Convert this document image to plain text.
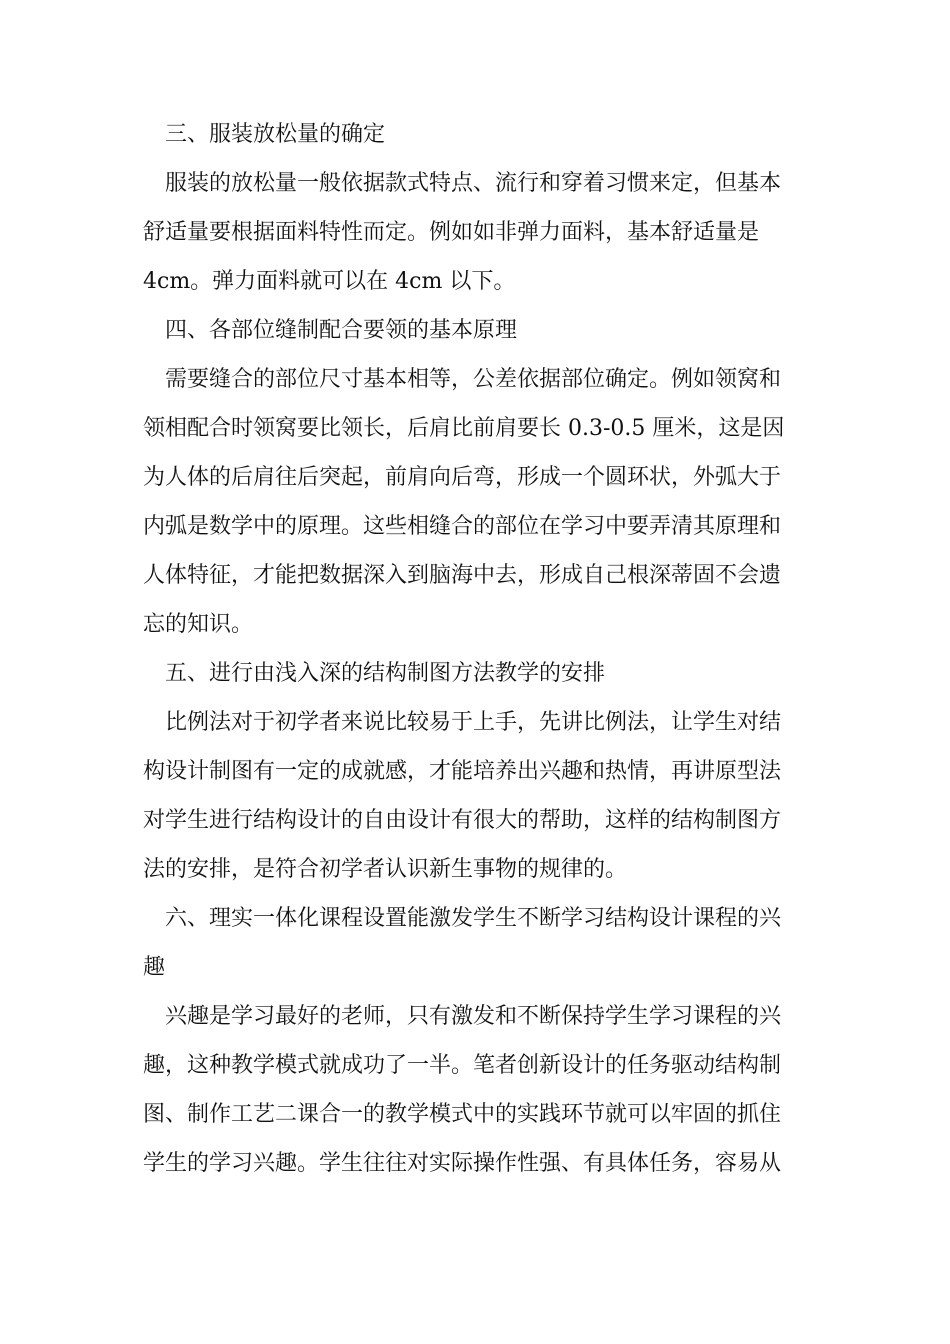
三、服装放松量的确定
服装的放松量一般依据款式特点、流行和穿着习惯来定，但基本
舒适量要根据面料特性而定。例如如非弹力面料，基本舒适量是
4cm。弹力面料就可以在 4cm 以下。
四、各部位缝制配合要领的基本原理
需要缝合的部位尺寸基本相等，公差依据部位确定。例如领窝和
领相配合时领窝要比领长，后肩比前肩要长 0.3-0.5 厘米，这是因
为人体的后肩往后突起，前肩向后弯，形成一个圆环状，外弧大于
内弧是数学中的原理。这些相缝合的部位在学习中要弄清其原理和
人体特征，才能把数据深入到脑海中去，形成自己根深蒂固不会遗
忘的知识。
五、进行由浅入深的结构制图方法教学的安排
比例法对于初学者来说比较易于上手，先讲比例法，让学生对结
构设计制图有一定的成就感，才能培养出兴趣和热情，再讲原型法
对学生进行结构设计的自由设计有很大的帮助，这样的结构制图方
法的安排，是符合初学者认识新生事物的规律的。
六、理实一体化课程设置能激发学生不断学习结构设计课程的兴
趣
兴趣是学习最好的老师，只有激发和不断保持学生学习课程的兴
趣，这种教学模式就成功了一半。笔者创新设计的任务驱动结构制
图、制作工艺二课合一的教学模式中的实践环节就可以牢固的抓住
学生的学习兴趣。学生往往对实际操作性强、有具体任务，容易从
